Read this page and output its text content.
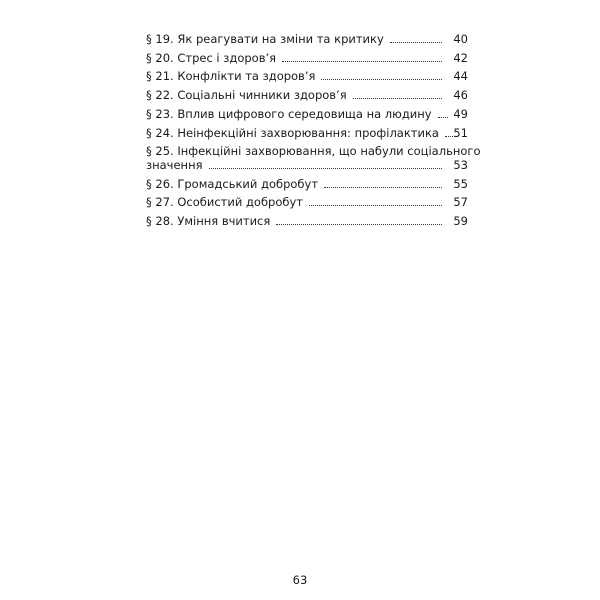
§ 19. Як реагувати на зміни та критику	40
§ 20. Стрес і здоров’я	42
§ 21. Конфлікти та здоров’я	44
§ 22. Соціальні чинники здоров’я	46
§ 23. Вплив цифрового середовища на людину	49
§ 24. Неінфекційні захворювання: профілактика	51
§ 25. Інфекційні захворювання, що набули соціального
значення	53
§ 26. Громадський добробут	55
§ 27. Особистий добробут	57
§ 28. Уміння вчитися	59
63
